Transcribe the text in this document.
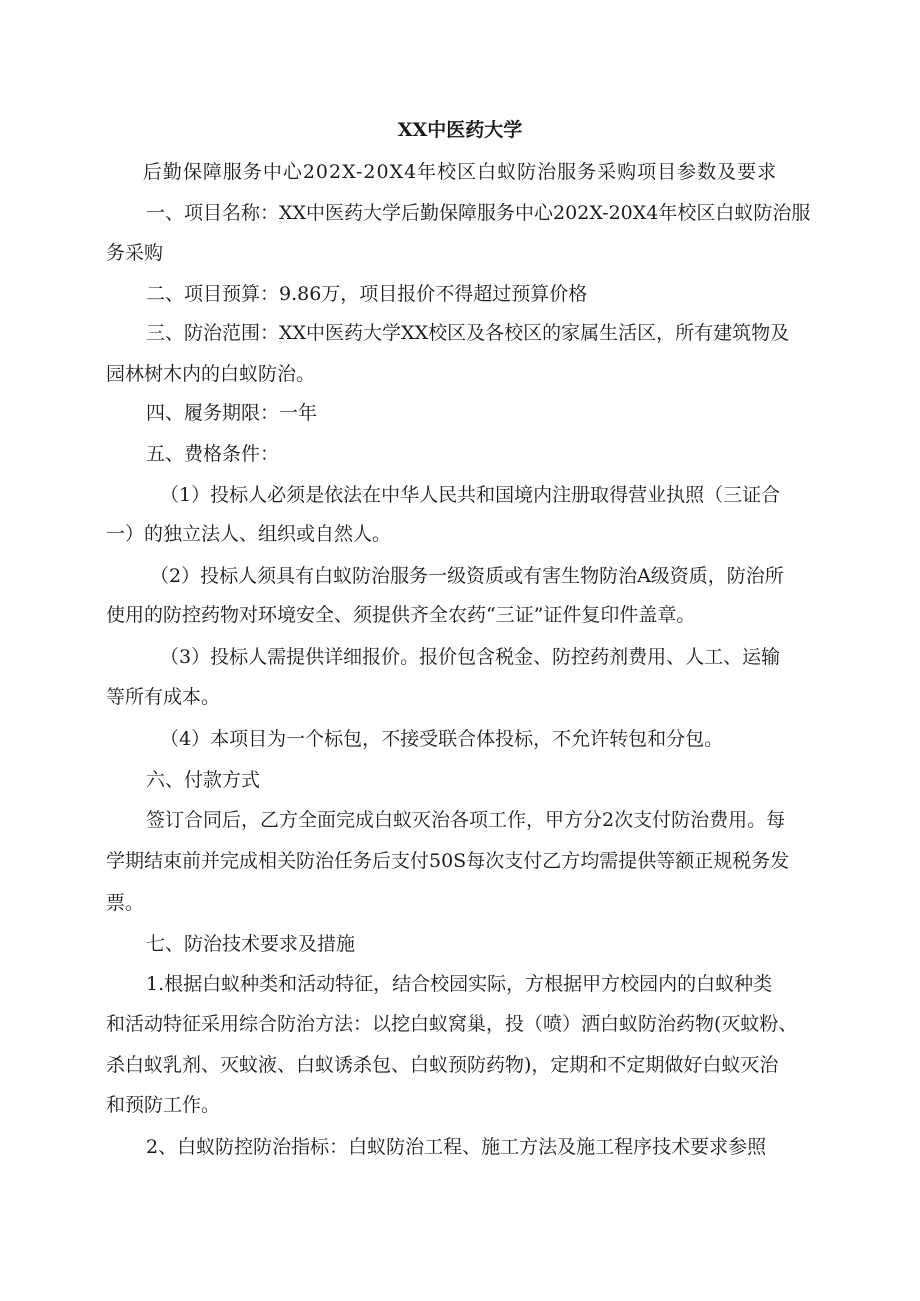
XX中医药大学
后勤保障服务中心202X-20X4年校区白蚁防治服务采购项目参数及要求
一、项目名称：XX中医药大学后勤保障服务中心202X-20X4年校区白蚁防治服
务采购
二、项目预算：9.86万，项目报价不得超过预算价格
三、防治范围：XX中医药大学XX校区及各校区的家属生活区，所有建筑物及
园林树木内的白蚁防治。
四、履务期限：一年
五、费格条件：
（1）投标人必须是依法在中华人民共和国境内注册取得营业执照（三证合
一）的独立法人、组织或自然人。
（2）投标人须具有白蚁防治服务一级资质或有害生物防治A级资质，防治所
使用的防控药物对环境安全、须提供齐全农药“三证”证件复印件盖章。
（3）投标人需提供详细报价。报价包含税金、防控药剂费用、人工、运输
等所有成本。
（4）本项目为一个标包，不接受联合体投标，不允许转包和分包。
六、付款方式
签订合同后，乙方全面完成白蚁灭治各项工作，甲方分2次支付防治费用。每
学期结束前并完成相关防治任务后支付50S每次支付乙方均需提供等额正规税务发
票。
七、防治技术要求及措施
1.根据白蚁种类和活动特征，结合校园实际，方根据甲方校园内的白蚁种类
和活动特征采用综合防治方法：以挖白蚁窝巢，投（喷）洒白蚁防治药物(灭蚊粉、
杀白蚁乳剂、灭蚊液、白蚁诱杀包、白蚁预防药物)，定期和不定期做好白蚁灭治
和预防工作。
2、白蚁防控防治指标：白蚁防治工程、施工方法及施工程序技术要求参照
